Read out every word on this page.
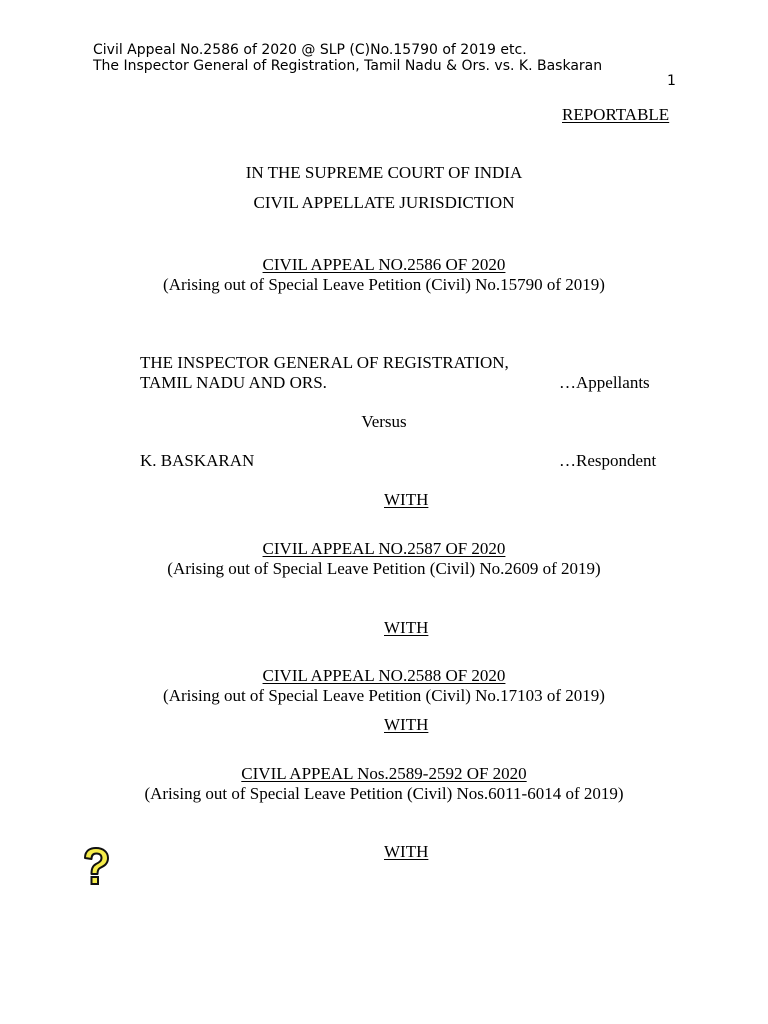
Civil Appeal No.2586 of 2020 @ SLP (C)No.15790 of 2019 etc.
The Inspector General of Registration, Tamil Nadu & Ors. vs. K. Baskaran
1
REPORTABLE
IN THE SUPREME COURT OF INDIA
CIVIL APPELLATE JURISDICTION
CIVIL APPEAL NO.2586 OF 2020
(Arising out of Special Leave Petition (Civil) No.15790 of 2019)
THE INSPECTOR GENERAL OF REGISTRATION,
TAMIL NADU AND ORS.	…Appellants
Versus
K. BASKARAN	…Respondent
WITH
CIVIL APPEAL NO.2587 OF 2020
(Arising out of Special Leave Petition (Civil) No.2609 of 2019)
WITH
CIVIL APPEAL NO.2588 OF 2020
(Arising out of Special Leave Petition (Civil) No.17103 of 2019)
WITH
CIVIL APPEAL Nos.2589-2592 OF 2020
(Arising out of Special Leave Petition (Civil) Nos.6011-6014 of 2019)
WITH
